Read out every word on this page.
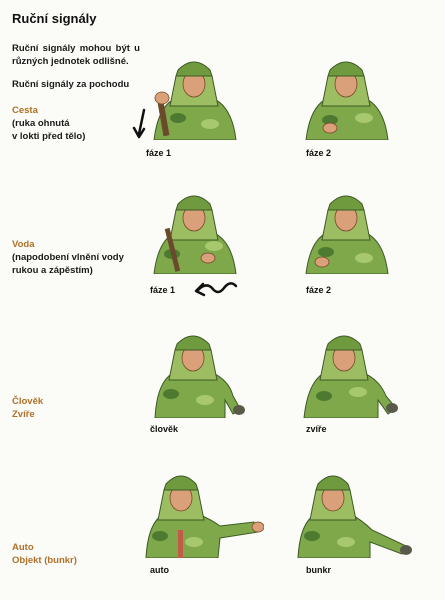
Ruční signály
Ruční signály mohou být u různých jednotek odlišné.
Ruční signály za pochodu
Cesta
(ruka ohnutá
v lokti před tělo)
fáze 1	fáze 2
Voda
(napodobení vlnění vody
rukou a zápěstím)
fáze 1	fáze 2
Člověk
Zvíře
člověk	zvíře
Auto
Objekt (bunkr)
auto	bunkr
